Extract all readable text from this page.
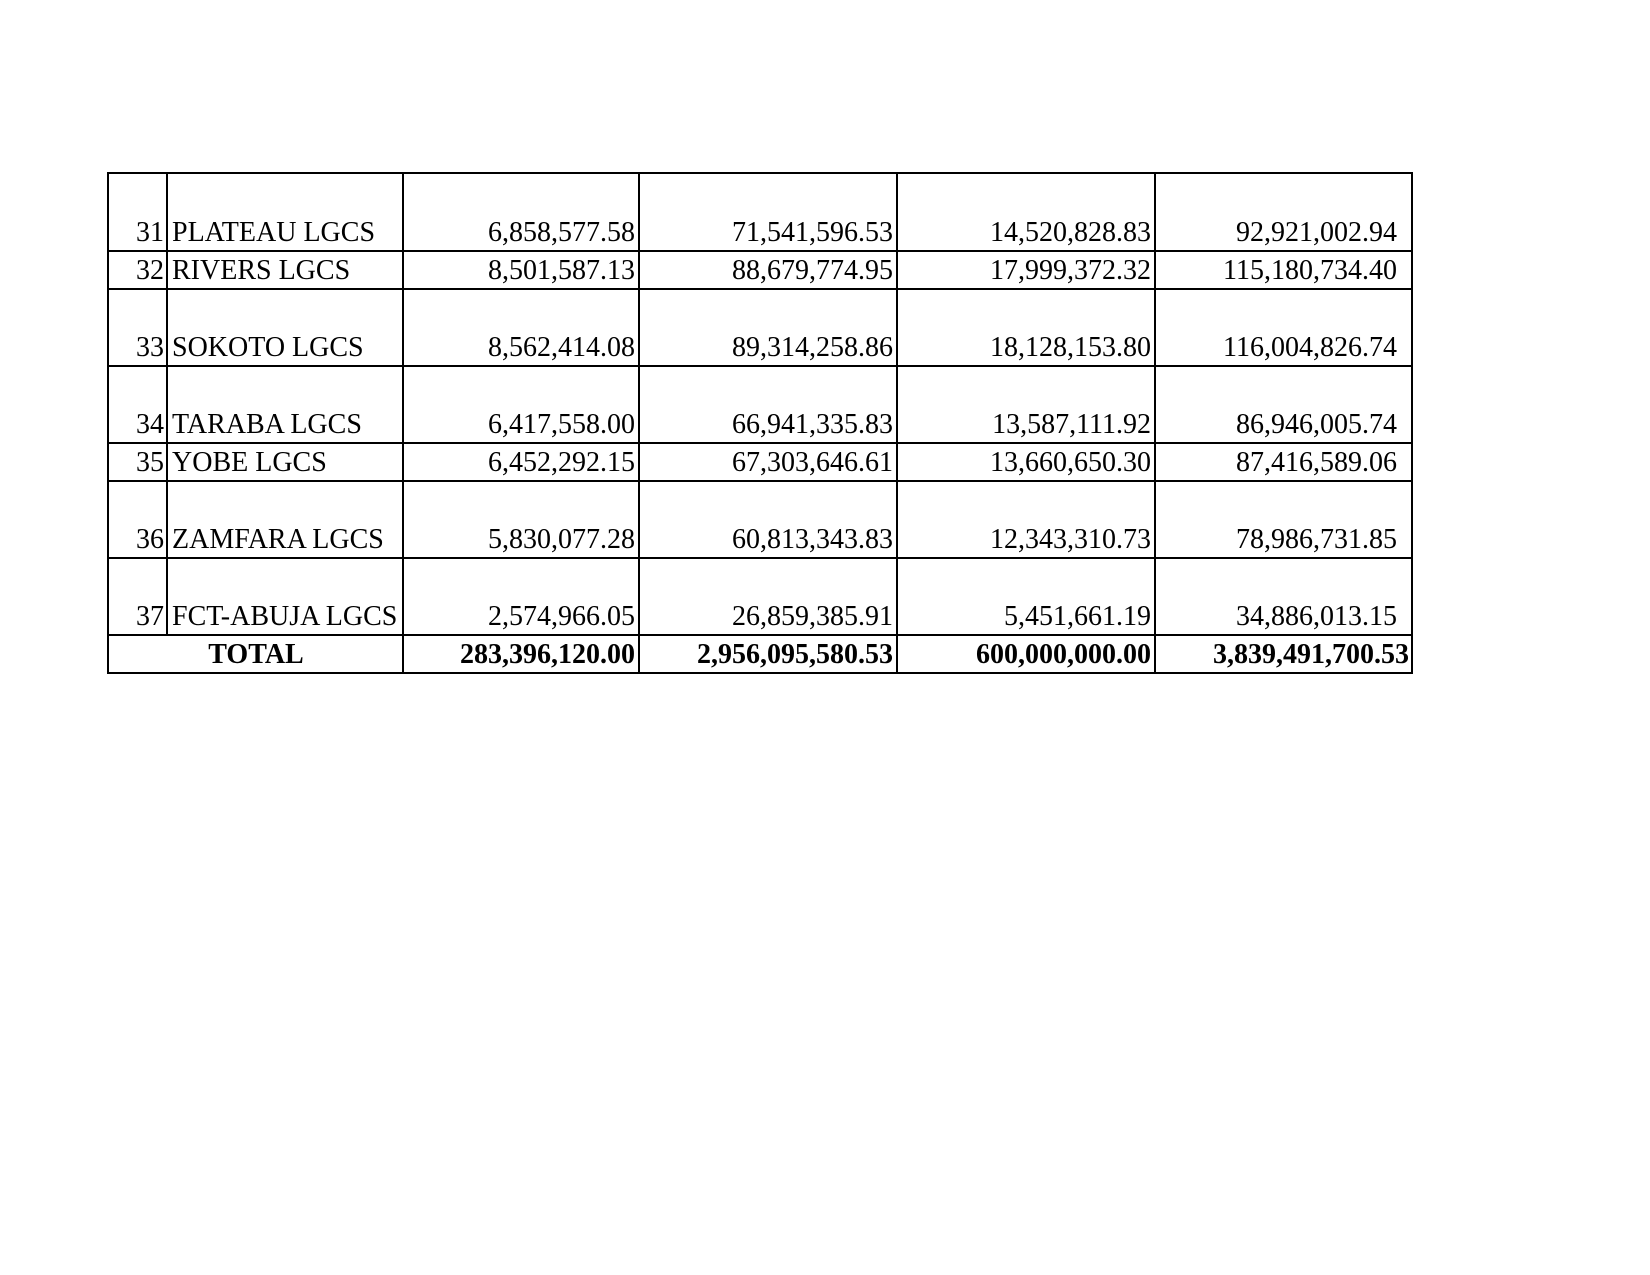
31	PLATEAU LGCS	6,858,577.58	71,541,596.53	14,520,828.83	92,921,002.94
32	RIVERS LGCS	8,501,587.13	88,679,774.95	17,999,372.32	115,180,734.40
33	SOKOTO LGCS	8,562,414.08	89,314,258.86	18,128,153.80	116,004,826.74
34	TARABA LGCS	6,417,558.00	66,941,335.83	13,587,111.92	86,946,005.74
35	YOBE LGCS	6,452,292.15	67,303,646.61	13,660,650.30	87,416,589.06
36	ZAMFARA LGCS	5,830,077.28	60,813,343.83	12,343,310.73	78,986,731.85
37	FCT-ABUJA LGCS	2,574,966.05	26,859,385.91	5,451,661.19	34,886,013.15
TOTAL		283,396,120.00	2,956,095,580.53	600,000,000.00	3,839,491,700.53
